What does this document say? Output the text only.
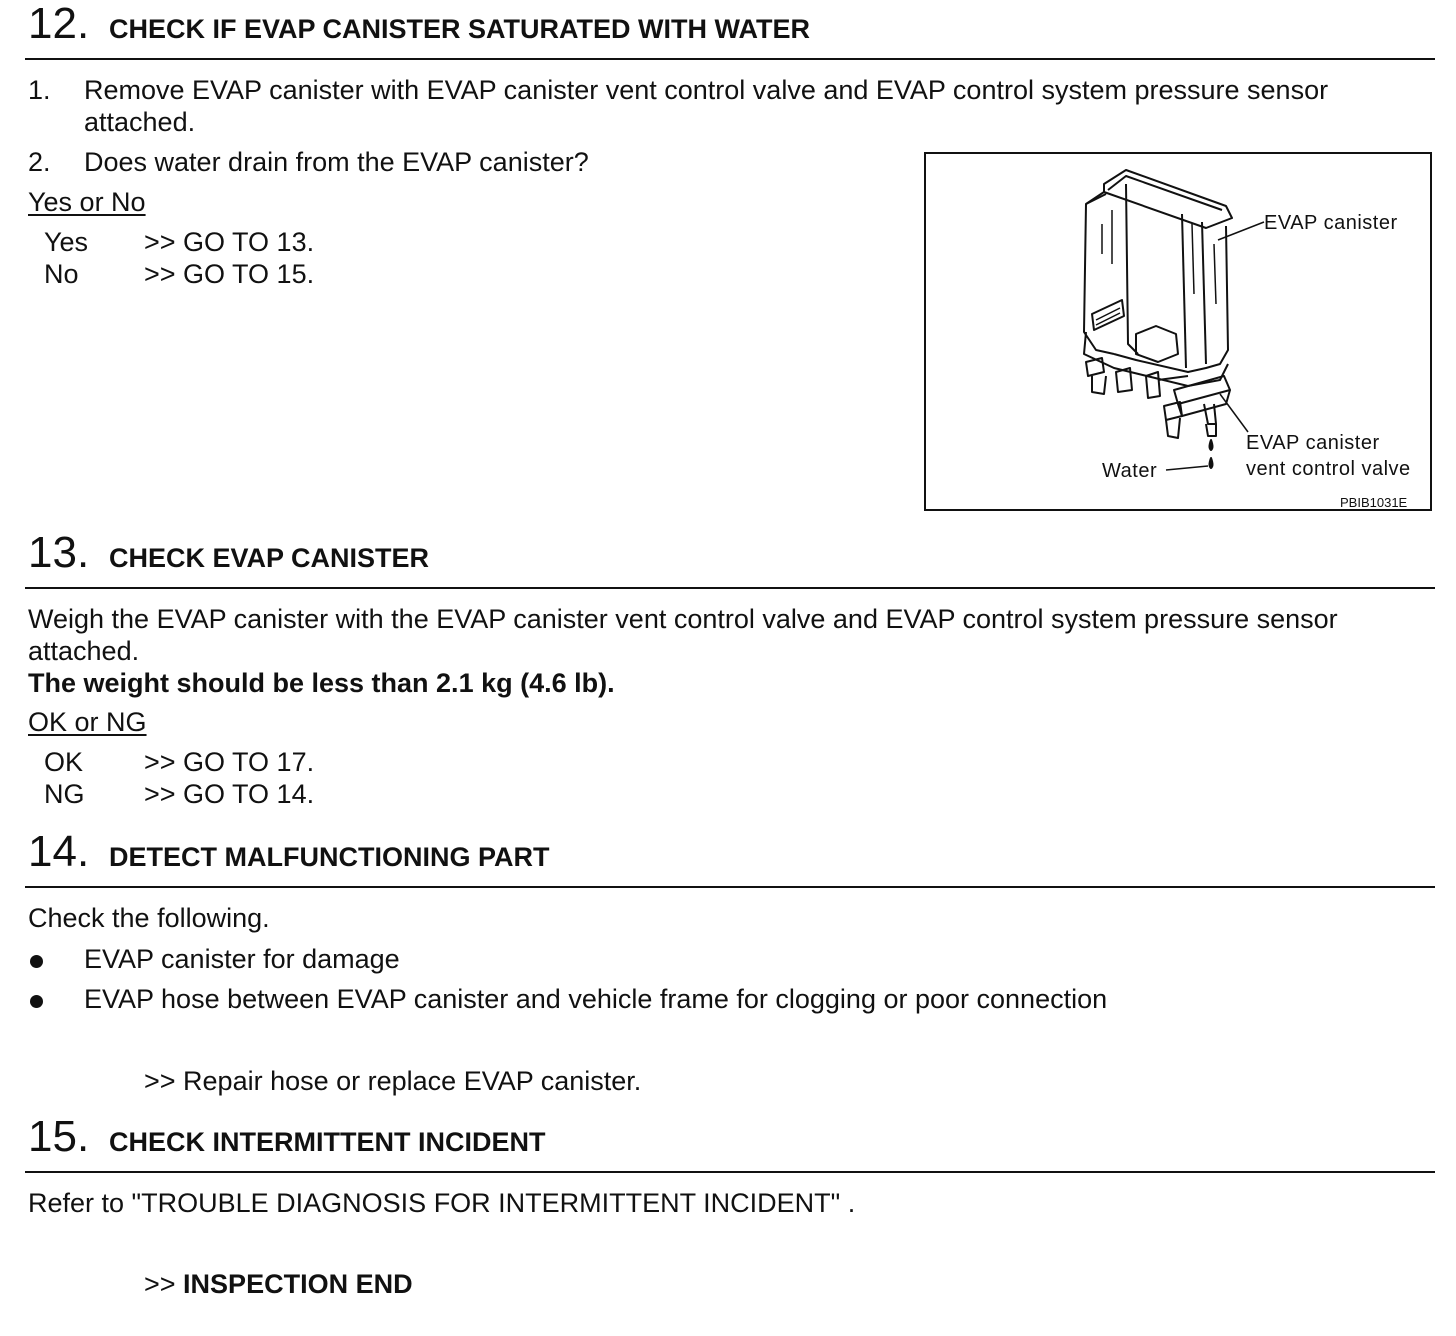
12. CHECK IF EVAP CANISTER SATURATED WITH WATER
1. Remove EVAP canister with EVAP canister vent control valve and EVAP control system pressure sensor
attached.
2. Does water drain from the EVAP canister?
Yes or No
Yes >> GO TO 13.
No >> GO TO 15.
EVAP canister
EVAP canister
vent control valve
Water
PBIB1031E
13. CHECK EVAP CANISTER
Weigh the EVAP canister with the EVAP canister vent control valve and EVAP control system pressure sensor
attached.
The weight should be less than 2.1 kg (4.6 lb).
OK or NG
OK >> GO TO 17.
NG >> GO TO 14.
14. DETECT MALFUNCTIONING PART
Check the following.
EVAP canister for damage
EVAP hose between EVAP canister and vehicle frame for clogging or poor connection
>> Repair hose or replace EVAP canister.
15. CHECK INTERMITTENT INCIDENT
Refer to "TROUBLE DIAGNOSIS FOR INTERMITTENT INCIDENT" .
>> INSPECTION END
